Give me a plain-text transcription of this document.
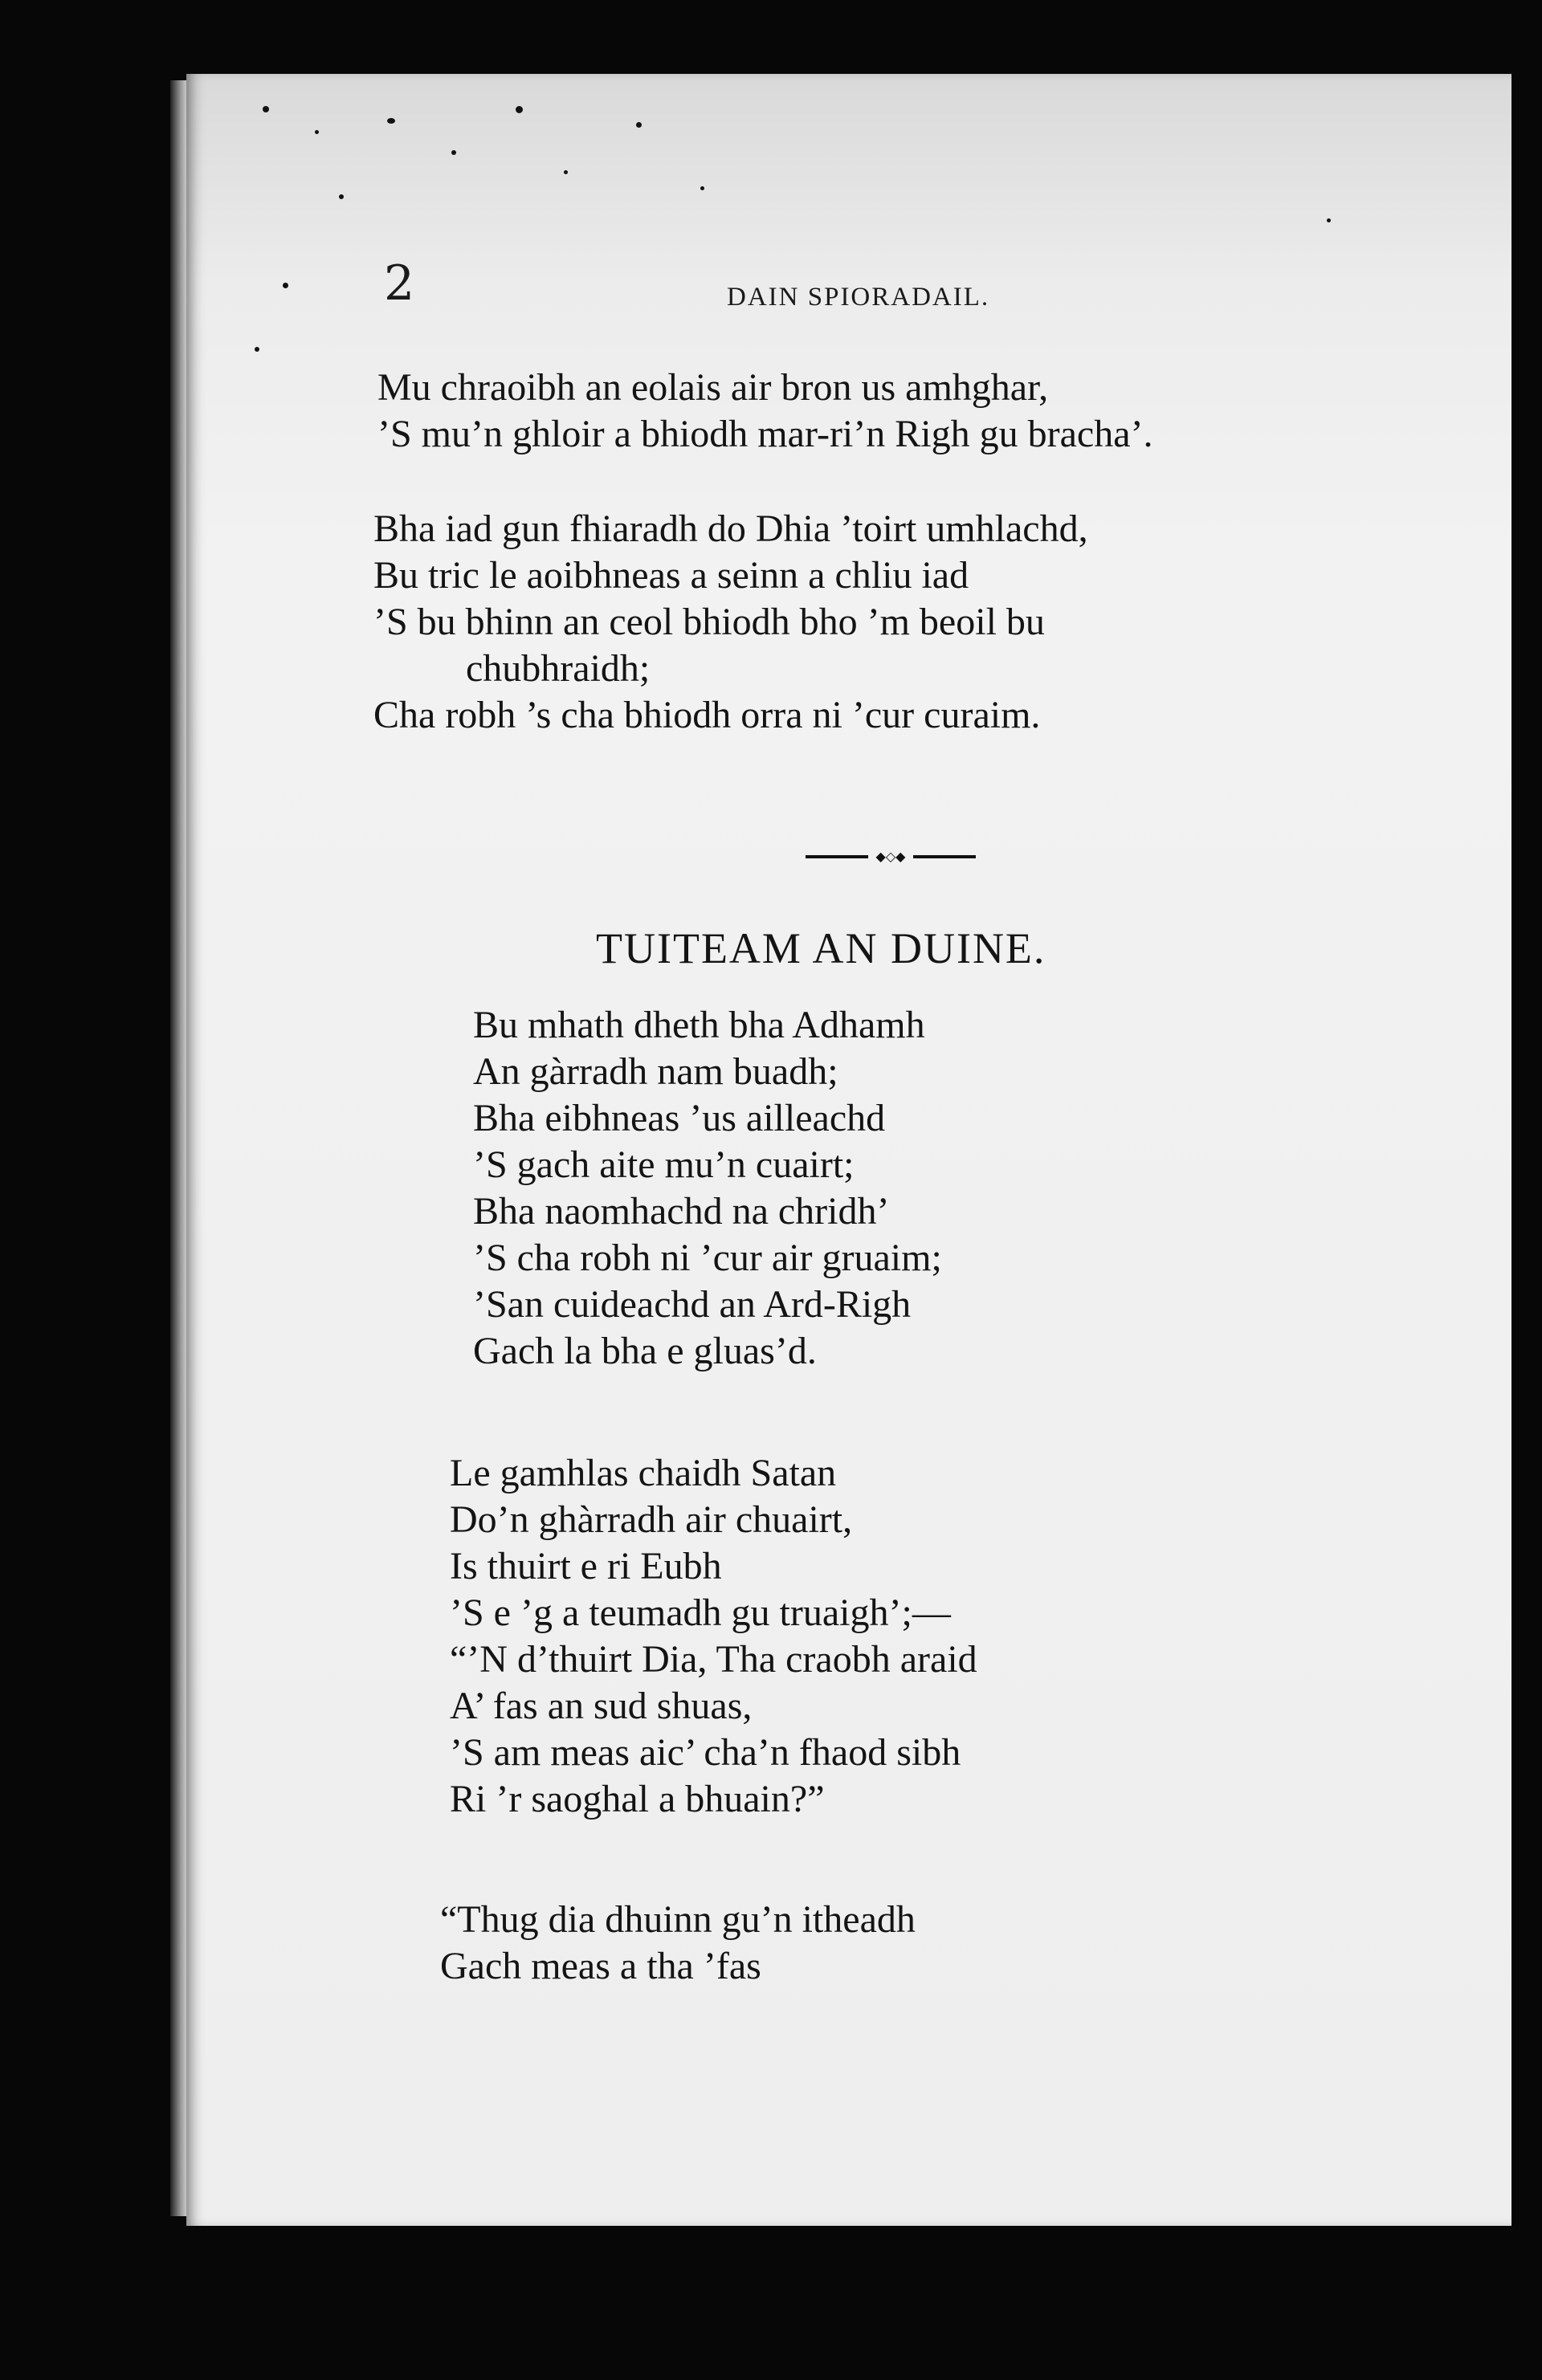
2	DAIN SPIORADAIL.
Mu chraoibh an eolais air bron us amhghar,
’S mu’n ghloir a bhiodh mar-ri’n Righ gu bracha’.
Bha iad gun fhiaradh do Dhia ’toirt umhlachd,
Bu tric le aoibhneas a seinn a chliu iad
’S bu bhinn an ceol bhiodh bho ’m beoil bu
chubhraidh;
Cha robh ’s cha bhiodh orra ni ’cur curaim.
◆◇◆
TUITEAM AN DUINE.
Bu mhath dheth bha Adhamh
An gàrradh nam buadh;
Bha eibhneas ’us ailleachd
’S gach aite mu’n cuairt;
Bha naomhachd na chridh’
’S cha robh ni ’cur air gruaim;
’San cuideachd an Ard-Righ
Gach la bha e gluas’d.
Le gamhlas chaidh Satan
Do’n ghàrradh air chuairt,
Is thuirt e ri Eubh
’S e ’g a teumadh gu truaigh’;—
“’N d’thuirt Dia, Tha craobh araid
A’ fas an sud shuas,
’S am meas aic’ cha’n fhaod sibh
Ri ’r saoghal a bhuain?”
“Thug dia dhuinn gu’n itheadh
Gach meas a tha ’fas
